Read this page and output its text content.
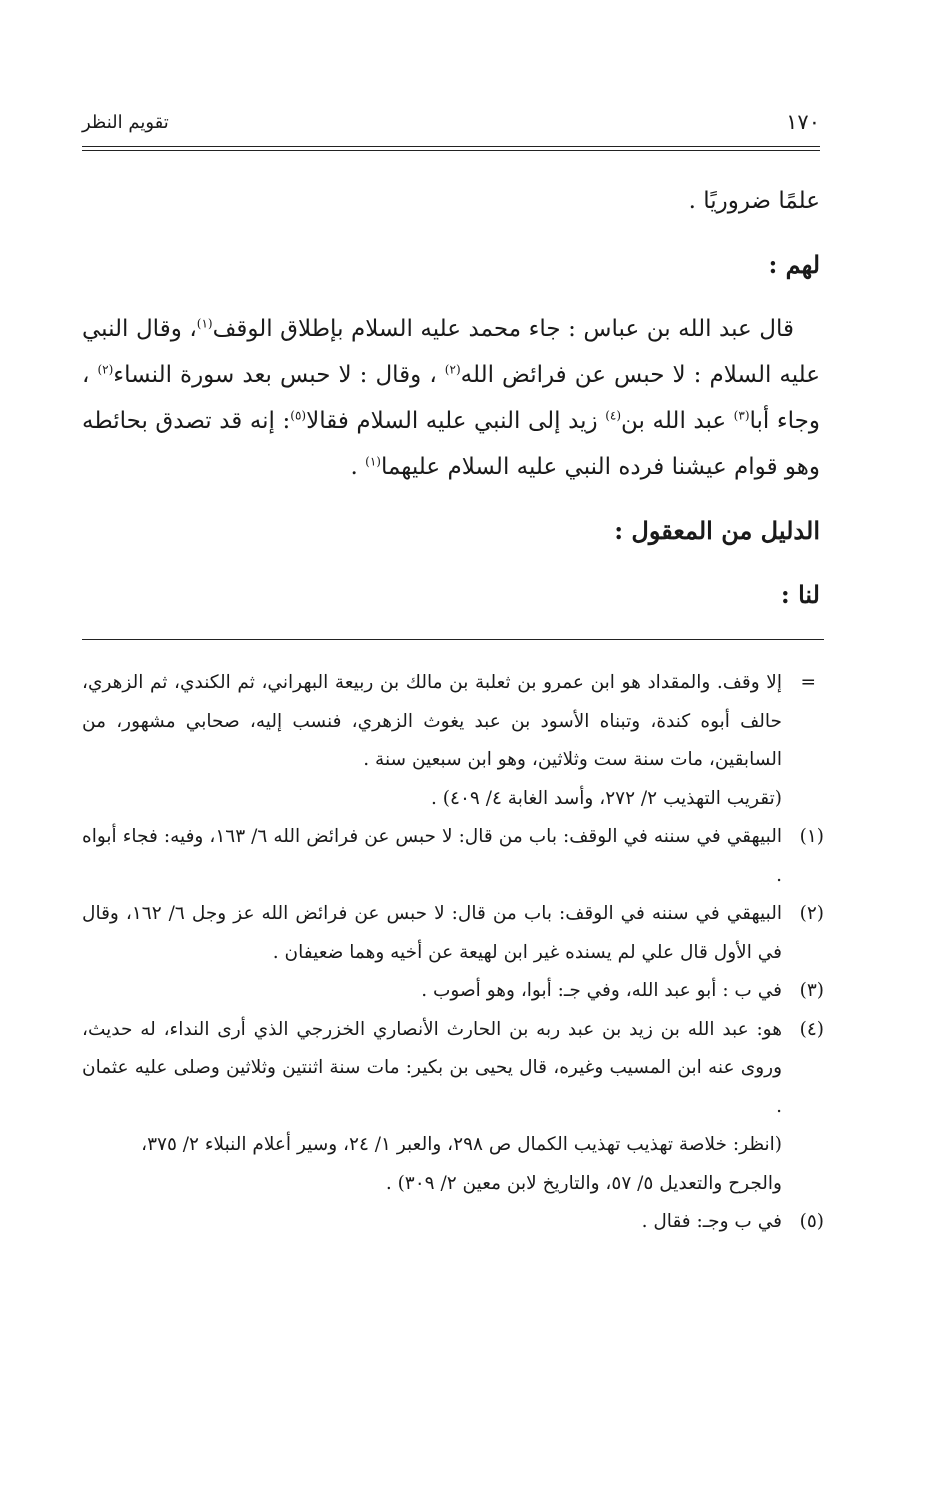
١٧٠
تقويم النظر

علمًا ضروريًا .

لهم :

قال عبد الله بن عباس : جاء محمد عليه السلام بإطلاق الوقف$^{(١)}$، وقال النبي عليه السلام : لا حبس عن فرائض الله$^{(٢)}$ ، وقال : لا حبس بعد سورة النساء$^{(٢)}$ ، وجاء أبا$^{(٣)}$ عبد الله بن$^{(٤)}$ زيد إلى النبي عليه السلام فقالا$^{(٥)}$: إنه قد تصدق بحائطه وهو قوام عيشنا فرده النبي عليه السلام عليهما$^{(١)}$ .

الدليل من المعقول :

لنا :

=
إلا وقف. والمقداد هو ابن عمرو بن ثعلبة بن مالك بن ربيعة البهراني، ثم الكندي، ثم الزهري، حالف أبوه كندة، وتبناه الأسود بن عبد يغوث الزهري، فنسب إليه، صحابي مشهور، من السابقين، مات سنة ست وثلاثين، وهو ابن سبعين سنة .
(تقريب التهذيب ٢/ ٢٧٢، وأسد الغابة ٤/ ٤٠٩) .
(١)
البيهقي في سننه في الوقف: باب من قال: لا حبس عن فرائض الله ٦/ ١٦٣، وفيه: فجاء أبواه .
(٢)
البيهقي في سننه في الوقف: باب من قال: لا حبس عن فرائض الله عز وجل ٦/ ١٦٢، وقال في الأول قال علي لم يسنده غير ابن لهيعة عن أخيه وهما ضعيفان .
(٣)
في ب : أبو عبد الله، وفي جـ: أبوا، وهو أصوب .
(٤)
هو: عبد الله بن زيد بن عبد ربه بن الحارث الأنصاري الخزرجي الذي أرى النداء، له حديث، وروى عنه ابن المسيب وغيره، قال يحيى بن بكير: مات سنة اثنتين وثلاثين وصلى عليه عثمان .
(انظر: خلاصة تهذيب تهذيب الكمال ص ٢٩٨، والعبر ١/ ٢٤، وسير أعلام النبلاء ٢/ ٣٧٥، والجرح والتعديل ٥/ ٥٧، والتاريخ لابن معين ٢/ ٣٠٩) .
(٥)
في ب وجـ: فقال .
